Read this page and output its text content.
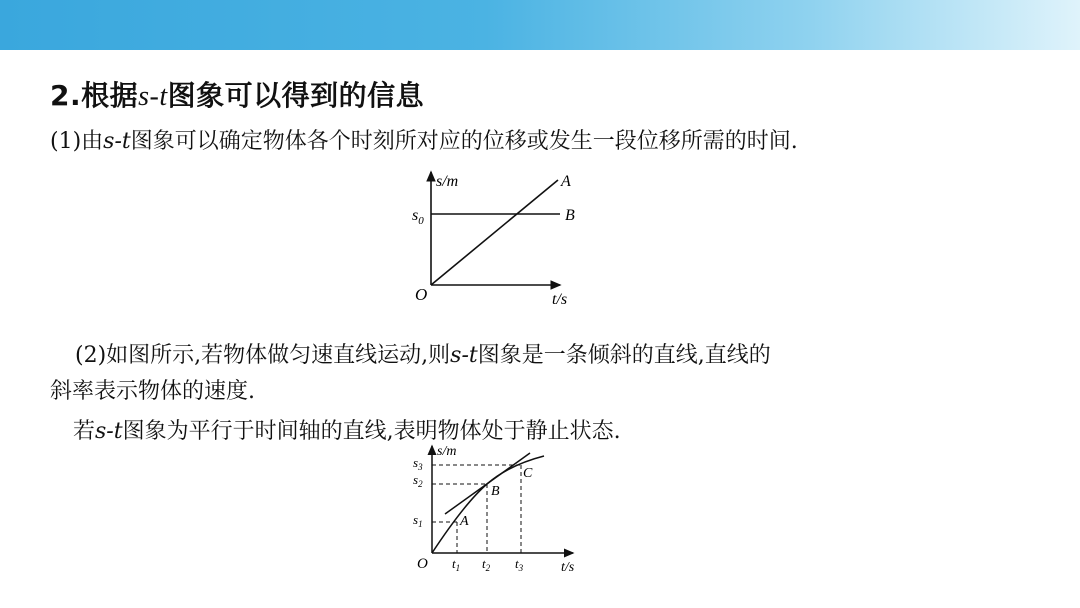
2.根据s-t图象可以得到的信息
(1)由s-t图象可以确定物体各个时刻所对应的位移或发生一段位移所需的时间.
s/m
t/s
O
$s_0$
A
B
(2)如图所示,若物体做匀速直线运动,则s-t图象是一条倾斜的直线,直线的
斜率表示物体的速度.
若s-t图象为平行于时间轴的直线,表明物体处于静止状态.
s/m
t/s
O
$s_3$
$s_2$
$s_1$
$t_1$ $t_2$ $t_3$
A
B
C
